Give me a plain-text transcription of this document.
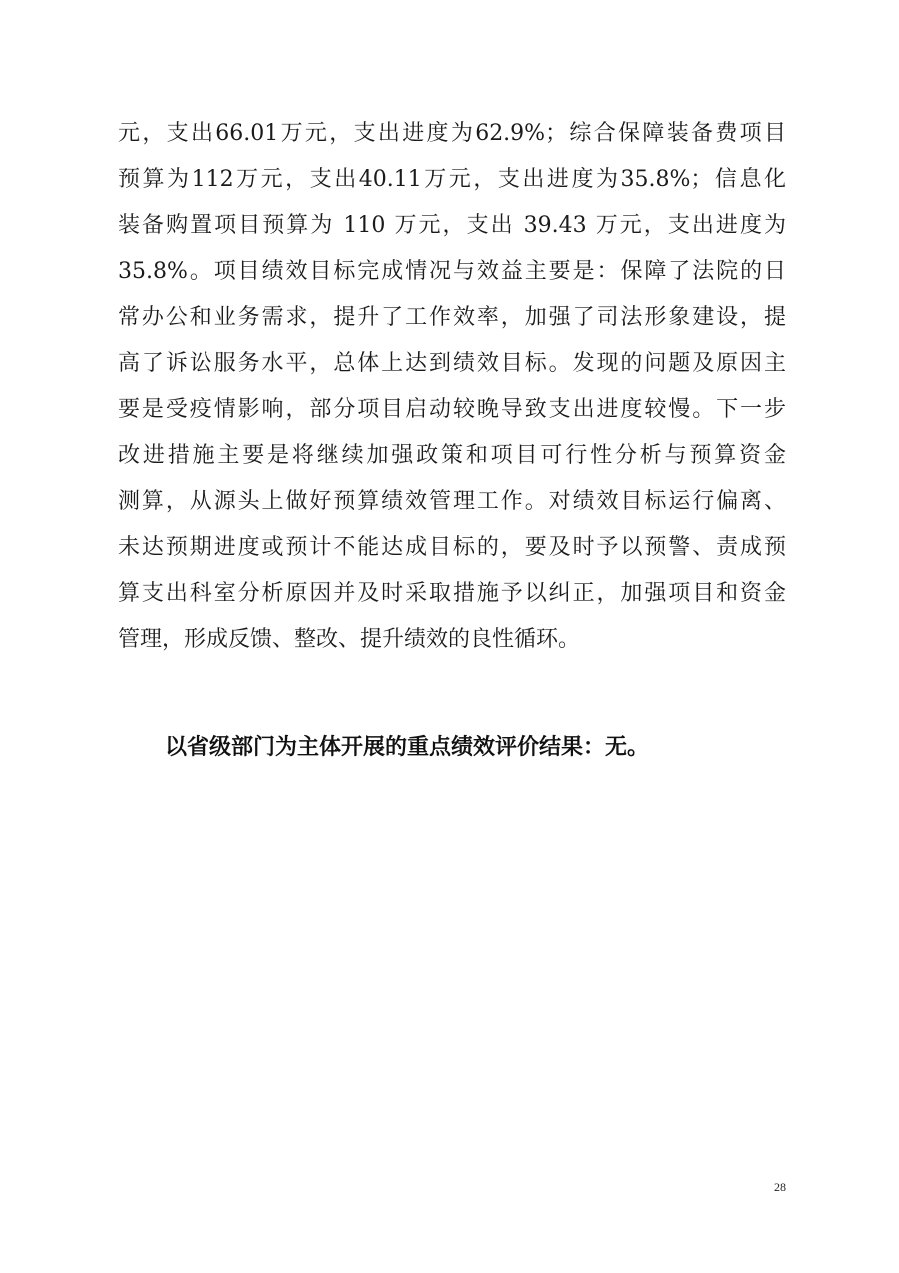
元，支出66.01万元，支出进度为62.9%；综合保障装备费项目
预算为112万元，支出40.11万元，支出进度为35.8%；信息化
装备购置项目预算为 110 万元，支出 39.43 万元，支出进度为
35.8%。项目绩效目标完成情况与效益主要是：保障了法院的日
常办公和业务需求，提升了工作效率，加强了司法形象建设，提
高了诉讼服务水平，总体上达到绩效目标。发现的问题及原因主
要是受疫情影响，部分项目启动较晚导致支出进度较慢。下一步
改进措施主要是将继续加强政策和项目可行性分析与预算资金
测算，从源头上做好预算绩效管理工作。对绩效目标运行偏离、
未达预期进度或预计不能达成目标的，要及时予以预警、责成预
算支出科室分析原因并及时采取措施予以纠正，加强项目和资金
管理，形成反馈、整改、提升绩效的良性循环。
以省级部门为主体开展的重点绩效评价结果：无。
28
